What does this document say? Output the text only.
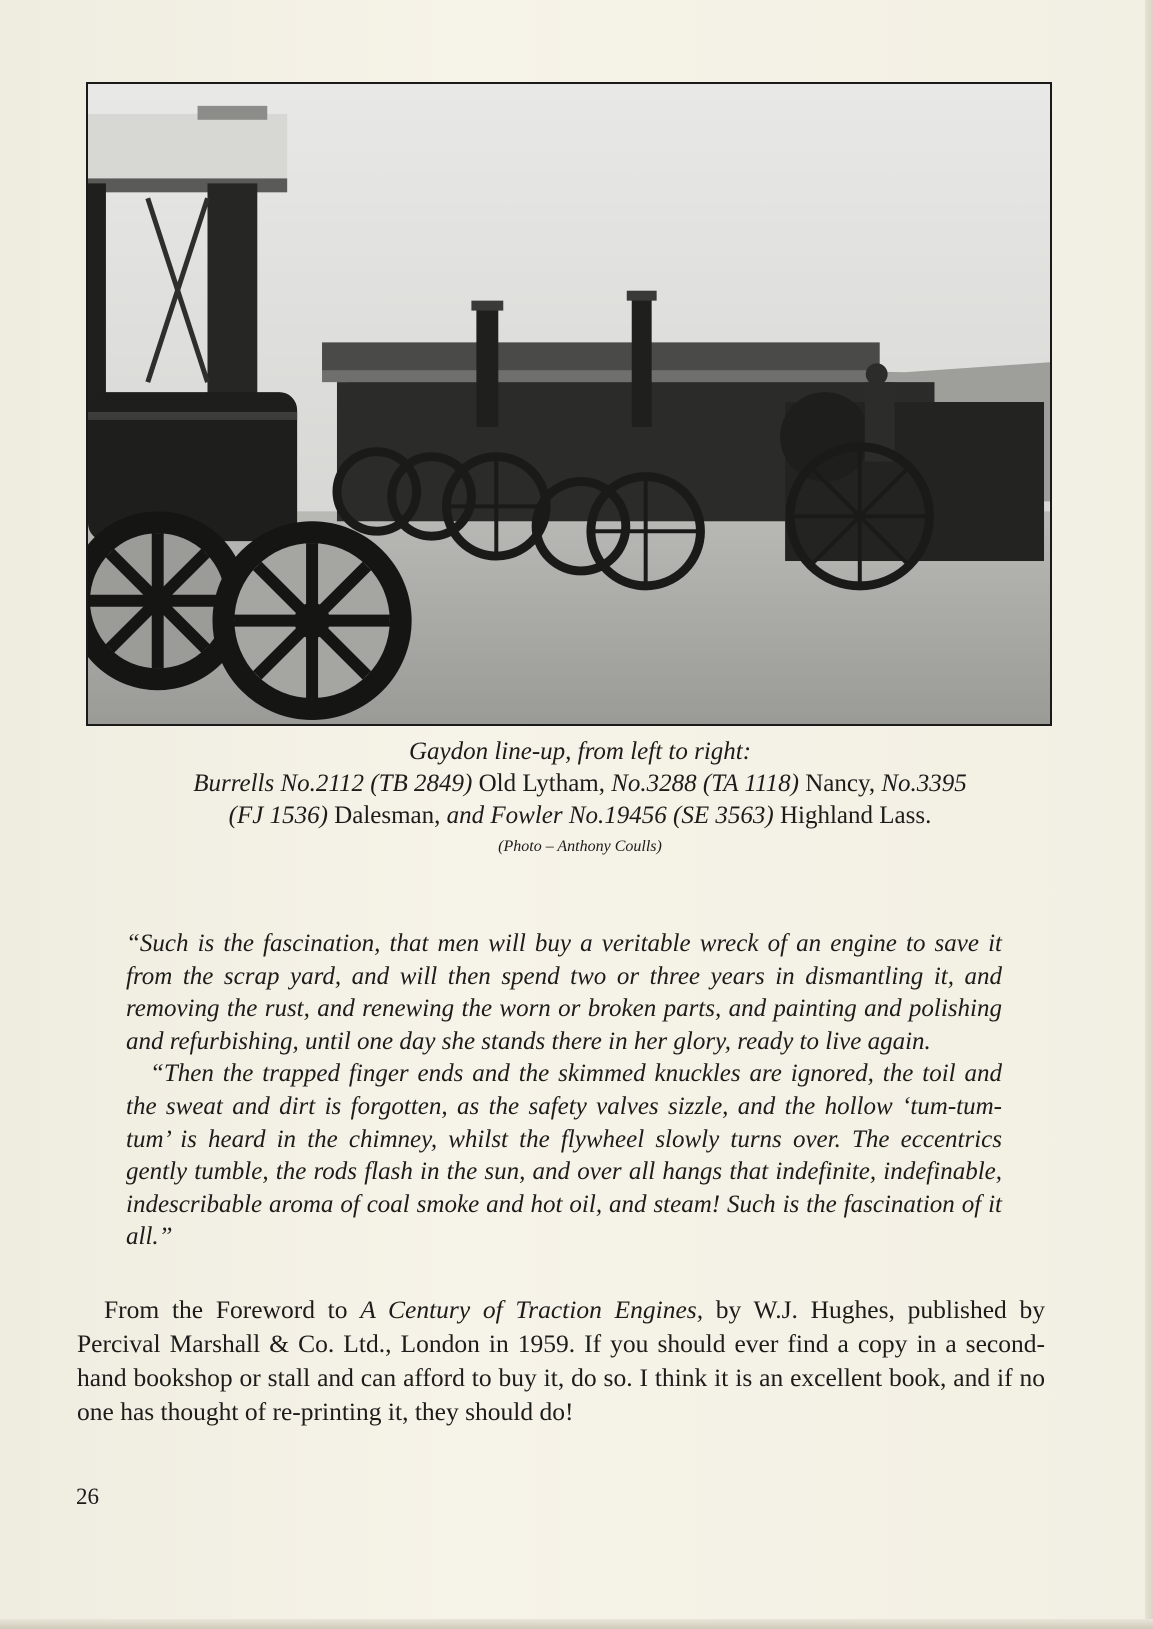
Gaydon line-up, from left to right:
Burrells No.2112 (TB 2849) Old Lytham, No.3288 (TA 1118) Nancy, No.3395
(FJ 1536) Dalesman, and Fowler No.19456 (SE 3563) Highland Lass.
(Photo – Anthony Coulls)

“Such is the fascination, that men will buy a veritable wreck of an engine to save it from the scrap yard, and will then spend two or three years in dismantling it, and removing the rust, and renewing the worn or broken parts, and painting and polishing and refurbishing, until one day she stands there in her glory, ready to live again.

“Then the trapped finger ends and the skimmed knuckles are ignored, the toil and the sweat and dirt is forgotten, as the safety valves sizzle, and the hollow ‘tum-tum-tum’ is heard in the chimney, whilst the flywheel slowly turns over. The eccentrics gently tumble, the rods flash in the sun, and over all hangs that indefinite, indefinable, indescribable aroma of coal smoke and hot oil, and steam! Such is the fascination of it all.”

From the Foreword to A Century of Traction Engines, by W.J. Hughes, published by Percival Marshall & Co. Ltd., London in 1959. If you should ever find a copy in a second-hand bookshop or stall and can afford to buy it, do so. I think it is an excellent book, and if no one has thought of re-printing it, they should do!

26
